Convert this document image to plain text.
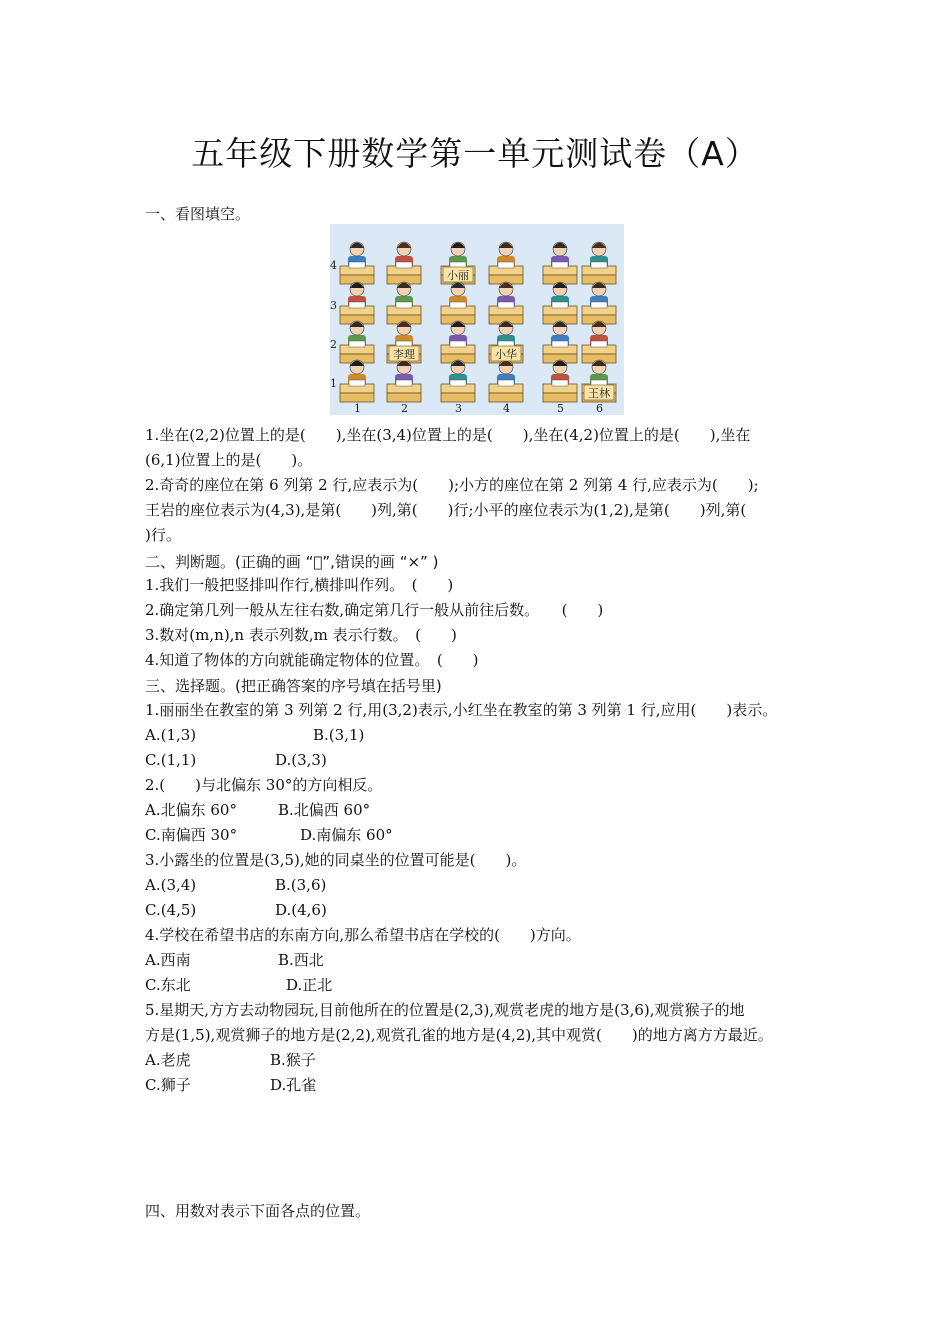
五年级下册数学第一单元测试卷（A）
一、看图填空。
4
3
2
1
1	2	3	4	5	6
小丽
李理	小华
王林
1.坐在(2,2)位置上的是(　　),坐在(3,4)位置上的是(　　),坐在(4,2)位置上的是(　　),坐在
(6,1)位置上的是(　　)。
2.奇奇的座位在第 6 列第 2 行,应表示为(　　);小方的座位在第 2 列第 4 行,应表示为(　　);
王岩的座位表示为(4,3),是第(　　)列,第(　　)行;小平的座位表示为(1,2),是第(　　)列,第(
)行。
二、判断题。(正确的画 “􀳫”,错误的画 “×” )
1.我们一般把竖排叫作行,横排叫作列。　(　　)
2.确定第几列一般从左往右数,确定第几行一般从前往后数。　　(　　)
3.数对(m,n),n 表示列数,m 表示行数。　(　　)
4.知道了物体的方向就能确定物体的位置。　(　　)
三、选择题。(把正确答案的序号填在括号里)
1.丽丽坐在教室的第 3 列第 2 行,用(3,2)表示,小红坐在教室的第 3 列第 1 行,应用(　　)表示。
A.(1,3)	B.(3,1)
C.(1,1)	D.(3,3)
2.(　　)与北偏东 30°的方向相反。
A.北偏东 60°	B.北偏西 60°
C.南偏西 30°	D.南偏东 60°
3.小露坐的位置是(3,5),她的同桌坐的位置可能是(　　)。
A.(3,4)	B.(3,6)
C.(4,5)	D.(4,6)
4.学校在希望书店的东南方向,那么希望书店在学校的(　　)方向。
A.西南	B.西北
C.东北	D.正北
5.星期天,方方去动物园玩,目前他所在的位置是(2,3),观赏老虎的地方是(3,6),观赏猴子的地
方是(1,5),观赏狮子的地方是(2,2),观赏孔雀的地方是(4,2),其中观赏(　　)的地方离方方最近。
A.老虎	B.猴子
C.狮子	D.孔雀
四、用数对表示下面各点的位置。
